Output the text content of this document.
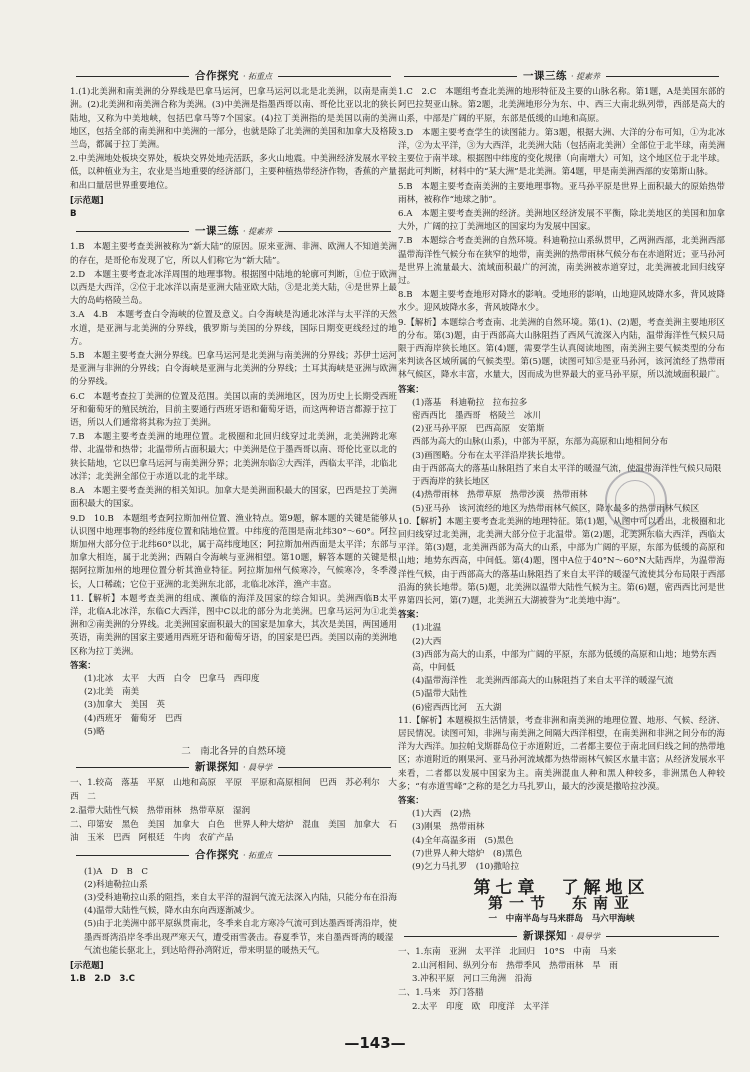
合作探究 · 拓重点

1.(1)北美洲和南美洲的分界线是巴拿马运河，巴拿马运河以北是北美洲，以南是南美洲。(2)北美洲和南美洲合称为美洲。(3)中美洲是指墨西哥以南、哥伦比亚以北的狭长陆地，又称为中美地峡，包括巴拿马等7个国家。(4)拉丁美洲指的是美国以南的美洲地区，包括全部的南美洲和中美洲的一部分，也就是除了北美洲的美国和加拿大及格陵兰岛，都属于拉丁美洲。

2.中美洲地处板块交界处，板块交界处地壳活跃，多火山地震。中美洲经济发展水平较低，以种植业为主，农业是当地重要的经济部门，主要种植热带经济作物，香蕉的产量和出口量居世界重要地位。

[示范题]

B

一课三练 · 提素养

1.B　本题主要考查美洲被称为“新大陆”的原因。原来亚洲、非洲、欧洲人不知道美洲的存在，是哥伦布发现了它，所以人们称它为“新大陆”。

2.D　本题主要考查北冰洋周围的地理事物。根据图中陆地的轮廓可判断，①位于欧洲以西是大西洋，②位于北冰洋以南是亚洲大陆亚欧大陆，③是北美大陆，④是世界上最大的岛屿格陵兰岛。

3.A　4.B　本题考查白令海峡的位置及意义。白令海峡是沟通北冰洋与太平洋的天然水道，是亚洲与北美洲的分界线，俄罗斯与美国的分界线，国际日期变更线经过的地方。

5.B　本题主要考查大洲分界线。巴拿马运河是北美洲与南美洲的分界线；苏伊士运河是亚洲与非洲的分界线；白令海峡是亚洲与北美洲的分界线；土耳其海峡是亚洲与欧洲的分界线。

6.C　本题考查拉丁美洲的位置及范围。美国以南的美洲地区，因为历史上长期受西班牙和葡萄牙的殖民统治，目前主要通行西班牙语和葡萄牙语，而这两种语言都源于拉丁语，所以人们通常将其称为拉丁美洲。

7.B　本题主要考查美洲的地理位置。北极圈和北回归线穿过北美洲，北美洲跨北寒带、北温带和热带；北温带所占面积最大；中美洲是位于墨西哥以南、哥伦比亚以北的狭长陆地，它以巴拿马运河与南美洲分界；北美洲东临②大西洋，西临太平洋，北临北冰洋；北美洲全部位于赤道以北的北半球。

8.A　本题主要考查美洲的相关知识。加拿大是美洲面积最大的国家，巴西是拉丁美洲面积最大的国家。

9.D　10.B　本题组考查阿拉斯加州位置、渔业特点。第9题，解本题的关键是能够从认识图中地理事物的经纬度位置和陆地位置。中纬度的范围是南北纬30°～60°。阿拉斯加州大部分位于北纬60°以北，属于高纬度地区；阿拉斯加州西面是太平洋；东部与加拿大相连，属于北美洲；西隔白令海峡与亚洲相望。第10题，解答本题的关键是根据阿拉斯加州的地理位置分析其渔业特征。阿拉斯加州气候寒冷，气候寒冷，冬季漫长，人口稀疏；它位于亚洲的北美洲东北部，北临北冰洋，渔产丰富。

11.【解析】本题考查美洲的组成、濒临的海洋及国家的综合知识。美洲西临B太平洋，北临A北冰洋，东临C大西洋，图中C以北的部分为北美洲。巴拿马运河为①北美洲和②南美洲的分界线。北美洲国家面积最大的国家是加拿大，其次是美国，两国通用英语，南美洲的国家主要通用西班牙语和葡萄牙语，的国家是巴西。美国以南的美洲地区称为拉丁美洲。

答案：

(1)北冰　太平　大西　白令　巴拿马　西印度

(2)北美　南美

(3)加拿大　美国　英

(4)西班牙　葡萄牙　巴西

(5)略

二　南北各异的自然环境

新课探知 · 晨导学

一、1.较高　落基　平原　山地和高原　平原　平原和高原相间　巴西　苏必利尔　大西　二

2.温带大陆性气候　热带雨林　热带草原　湿润

二、印第安　黑色　美国　加拿大　白色　世界人种大熔炉　混血　美国　加拿大　石油　玉米　巴西　阿根廷　牛肉　农矿产品

合作探究 · 拓重点

(1)A　D　B　C

(2)科迪勒拉山系

(3)受科迪勒拉山系的阻挡，来自太平洋的湿润气流无法深入内陆，只能分布在沿海

(4)温带大陆性气候，降水由东向西逐渐减少。

(5)由于北美洲中部平原纵贯南北，冬季来自北方寒冷气流可到达墨西哥湾沿岸，使墨西哥湾沿岸冬季出现严寒天气，遭受雨雪袭击。春夏季节，来自墨西哥湾的暖湿气流也能长驱北上，到达哈得孙湾附近，带来明显的暖热天气。

[示范题]

1.B　2.D　3.C

一课三练 · 提素养

1.C　2.C　本题组考查北美洲的地形特征及主要的山脉名称。第1题，A是美国东部的阿巴拉契亚山脉。第2题，北美洲地形分为东、中、西三大南北纵列带，西部是高大的山系，中部是广阔的平原，东部是低缓的山地和高原。

3.D　本题主要考查学生的读图能力。第3题，根据大洲、大洋的分布可知，①为北冰洋，②为太平洋，③为大西洋，北美洲大陆（包括南北美洲）全部位于北半球，南美洲主要位于南半球。根据图中纬度的变化规律（向南增大）可知，这个地区位于北半球。据此可判断，材料中的“某大洲”是北美洲。第4题，甲是南美洲西部的安第斯山脉。

5.B　本题主要考查南美洲的主要地理事物。亚马孙平原是世界上面积最大的原始热带雨林，被称作“地球之肺”。

6.A　本题主要考查美洲的经济。美洲地区经济发展不平衡，除北美地区的美国和加拿大外，广阔的拉丁美洲地区的国家均为发展中国家。

7.B　本题综合考查美洲的自然环境。科迪勒拉山系纵贯甲，乙两洲西部，北美洲西部温带海洋性气候分布在狭窄的地带，南美洲的热带雨林气候分布在赤道附近；亚马孙河是世界上流量最大、流域面积最广的河流，南美洲被赤道穿过，北美洲被北回归线穿过。

8.B　本题主要考查地形对降水的影响。受地形的影响，山地迎风坡降水多，背风坡降水少。迎风坡降水多，背风坡降水少。

9.【解析】本题综合考查南、北美洲的自然环境。第(1)、(2)题，考查美洲主要地形区的分布。第(3)题，由于西部高大山脉阻挡了西风气流深入内陆，温带海洋性气候只局限于西海岸狭长地区。第(4)题，需要学生认真阅读地图，南美洲主要气候类型的分布来判读各区域所属的气候类型。第(5)题，读图可知⑤是亚马孙河，该河流经了热带雨林气候区，降水丰富，水量大，因而成为世界最大的亚马孙平原，所以流域面积最广。

答案：

(1)落基　科迪勒拉　拉布拉多

密西西比　墨西哥　格陵兰　冰川

(2)亚马孙平原　巴西高原　安第斯

西部为高大的山脉(山系)，中部为平原，东部为高原和山地相间分布

(3)画图略。分布在太平洋沿岸狭长地带。

由于西部高大的落基山脉阻挡了来自太平洋的暖湿气流，使温带海洋性气候只局限于西海岸的狭长地区

(4)热带雨林　热带草原　热带沙漠　热带雨林

(5)亚马孙　该河流经的地区为热带雨林气候区，降水最多的热带雨林气候区

10.【解析】本题主要考查北美洲的地理特征。第(1)题，从图中可以看出，北极圈和北回归线穿过北美洲，北美洲大部分位于北温带。第(2)题，北美洲东临大西洋，西临太平洋。第(3)题，北美洲西部为高大的山系，中部为广阔的平原，东部为低缓的高原和山地；地势东西高，中间低。第(4)题，图中A位于40°N～60°N大陆西岸，为温带海洋性气候，由于西部高大的落基山脉阻挡了来自太平洋的暖湿气流使其分布局限于西部沿海的狭长地带。第(5)题，北美洲以温带大陆性气候为主。第(6)题，密西西比河是世界第四长河，第(7)题，北美洲五大湖被誉为“北美地中海”。

答案：

(1)北温

(2)大西

(3)西部为高大的山系，中部为广阔的平原，东部为低缓的高原和山地；地势东西高，中间低

(4)温带海洋性　北美洲西部高大的山脉阻挡了来自太平洋的暖湿气流

(5)温带大陆性

(6)密西西比河　五大湖

11.【解析】本题模拟生活情景，考查非洲和南美洲的地理位置、地形、气候、经济、居民情况。读图可知，非洲与南美洲之间隔大西洋相望，在南美洲和非洲之间分布的海洋为大西洋。加拉帕戈斯群岛位于赤道附近，二者都主要位于南北回归线之间的热带地区；赤道附近的刚果河、亚马孙河流域都为热带雨林气候区水量丰富；从经济发展水平来看，二者都以发展中国家为主。南美洲混血人种和黑人种较多，非洲黑色人种较多；“有赤道雪峰”之称的是乞力马扎罗山，最大的沙漠是撒哈拉沙漠。

答案：

(1)大西　(2)热

(3)刚果　热带雨林

(4)全年高温多雨　(5)黑色

(7)世界人种大熔炉　(8)黑色

(9)乞力马扎罗　(10)撒哈拉

第七章　了解地区

第一节　东南亚

一　中南半岛与马来群岛　马六甲海峡

新课探知 · 晨导学

一、1.东南　亚洲　太平洋　北回归　10°S　中南　马来

2.山河相间、纵列分布　热带季风　热带雨林　旱　雨

3.冲积平原　河口三角洲　沿海

二、1.马来　苏门答腊

2.太平　印度　欧　印度洋　太平洋

—143—
